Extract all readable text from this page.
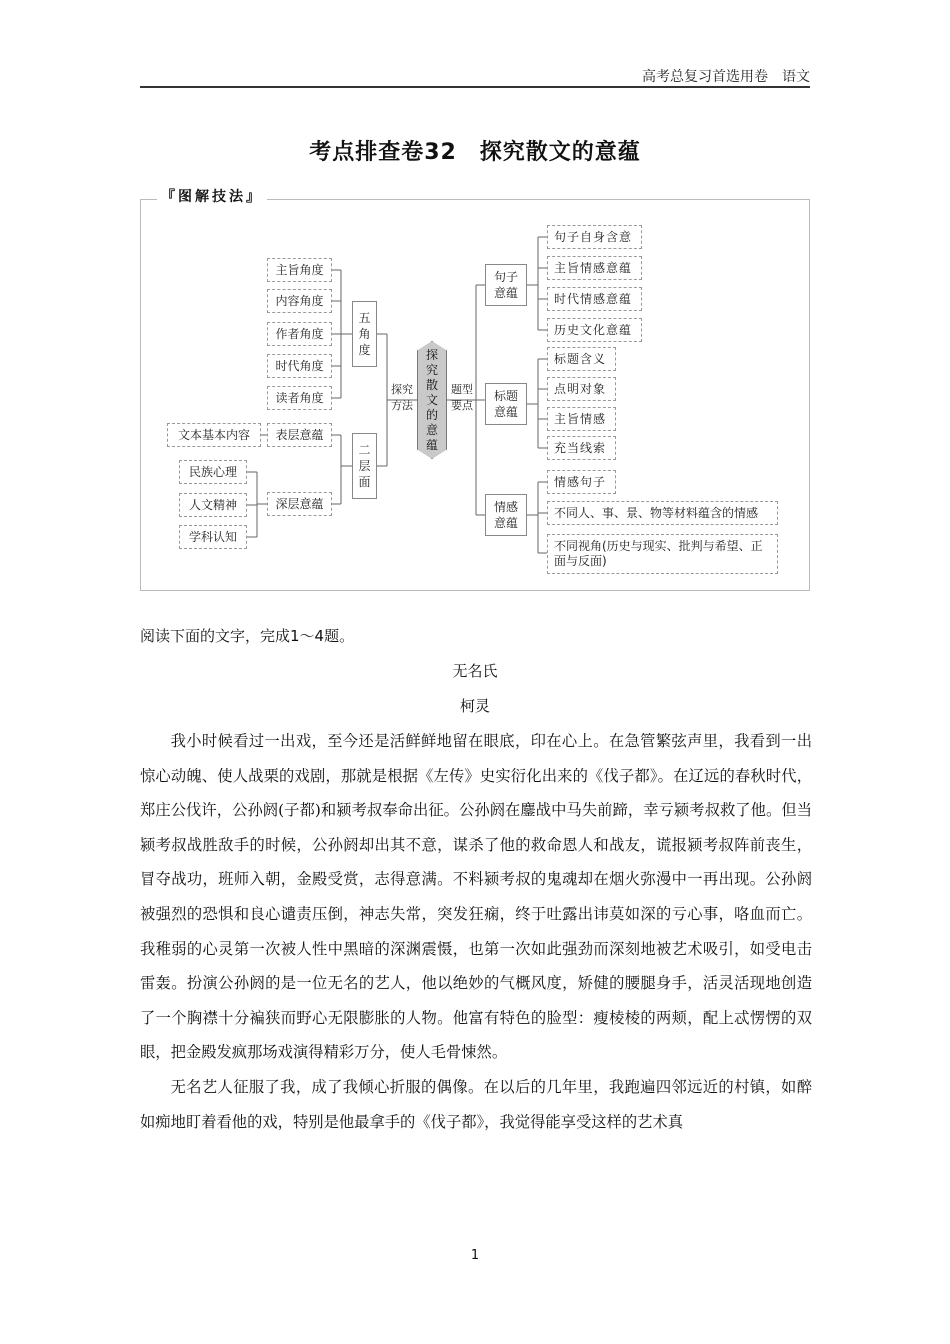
高考总复习首选用卷　语文
考点排查卷32　探究散文的意蕴
『图解技法』
主旨角度
内容角度
作者角度
时代角度
读者角度
五
角
度
文本基本内容	表层意蕴
民族心理
人文精神
学科认知
深层意蕴
二
层
面
探究
方法
题型
要点
探
究
散
文
的
意
蕴
句子
意蕴
标题
意蕴
情感
意蕴
句子自身含意
主旨情感意蕴
时代情感意蕴
历史文化意蕴
标题含义
点明对象
主旨情感
充当线索
情感句子
不同人、事、景、物等材料蕴含的情感
不同视角(历史与现实、批判与希望、正面与反面)
阅读下面的文字，完成1～4题。
无名氏
柯灵

我小时候看过一出戏，至今还是活鲜鲜地留在眼底，印在心上。在急管繁弦声里，我看到一出惊心动魄、使人战栗的戏剧，那就是根据《左传》史实衍化出来的《伐子都》。在辽远的春秋时代，郑庄公伐许，公孙阏(子都)和颍考叔奉命出征。公孙阏在鏖战中马失前蹄，幸亏颍考叔救了他。但当颍考叔战胜敌手的时候，公孙阏却出其不意，谋杀了他的救命恩人和战友，谎报颍考叔阵前丧生，冒夺战功，班师入朝，金殿受赏，志得意满。不料颍考叔的鬼魂却在烟火弥漫中一再出现。公孙阏被强烈的恐惧和良心谴责压倒，神志失常，突发狂痫，终于吐露出讳莫如深的亏心事，咯血而亡。我稚弱的心灵第一次被人性中黑暗的深渊震慑，也第一次如此强劲而深刻地被艺术吸引，如受电击雷轰。扮演公孙阏的是一位无名的艺人，他以绝妙的气概风度，矫健的腰腿身手，活灵活现地创造了一个胸襟十分褊狭而野心无限膨胀的人物。他富有特色的脸型：瘦棱棱的两颊，配上忒愣愣的双眼，把金殿发疯那场戏演得精彩万分，使人毛骨悚然。

无名艺人征服了我，成了我倾心折服的偶像。在以后的几年里，我跑遍四邻远近的村镇，如醉如痴地盯着看他的戏，特别是他最拿手的《伐子都》，我觉得能享受这样的艺术真

1
